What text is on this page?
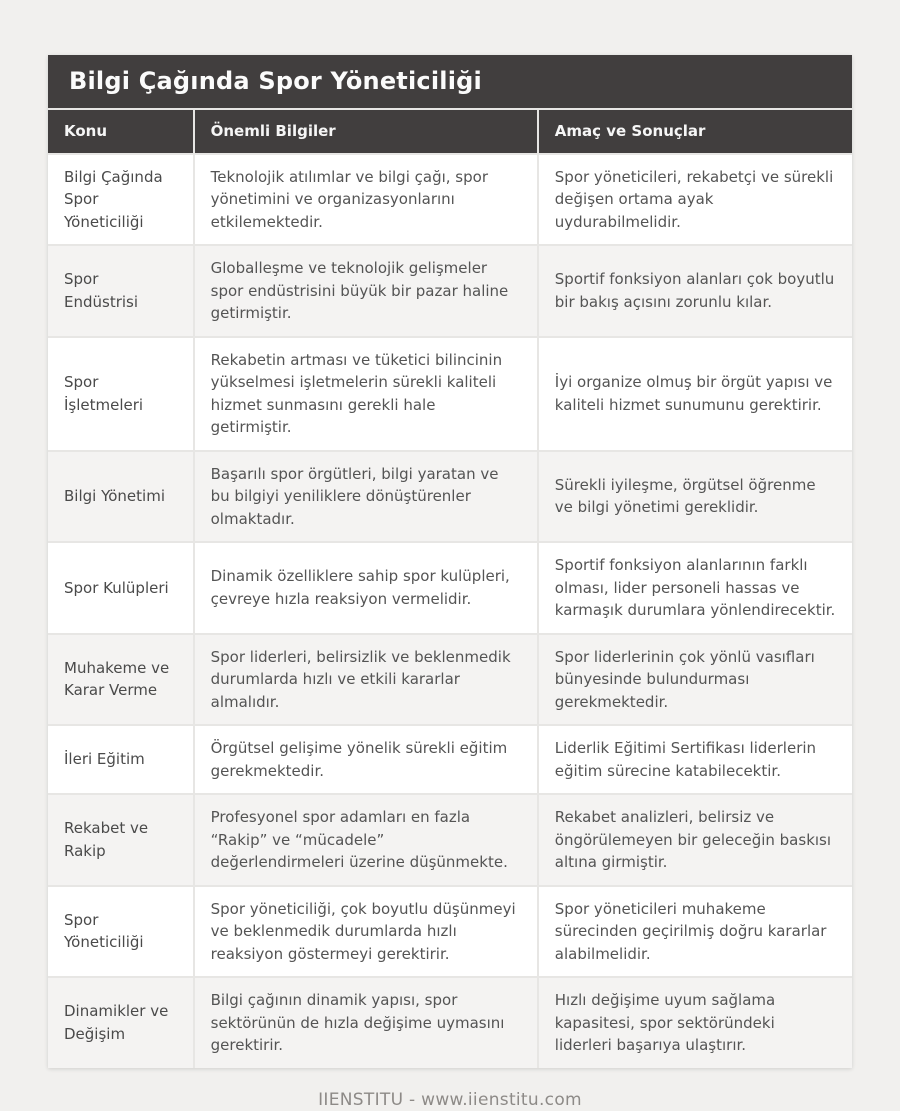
Bilgi Çağında Spor Yöneticiliği
Konu	Önemli Bilgiler	Amaç ve Sonuçlar
Bilgi Çağında Spor Yöneticiliği
Teknolojik atılımlar ve bilgi çağı, spor yönetimini ve organizasyonlarını etkilemektedir.
Spor yöneticileri, rekabetçi ve sürekli değişen ortama ayak uydurabilmelidir.
Spor Endüstrisi
Globalleşme ve teknolojik gelişmeler spor endüstrisini büyük bir pazar haline getirmiştir.
Sportif fonksiyon alanları çok boyutlu bir bakış açısını zorunlu kılar.
Spor İşletmeleri
Rekabetin artması ve tüketici bilincinin yükselmesi işletmelerin sürekli kaliteli hizmet sunmasını gerekli hale getirmiştir.
İyi organize olmuş bir örgüt yapısı ve kaliteli hizmet sunumunu gerektirir.
Bilgi Yönetimi
Başarılı spor örgütleri, bilgi yaratan ve bu bilgiyi yeniliklere dönüştürenler olmaktadır.
Sürekli iyileşme, örgütsel öğrenme ve bilgi yönetimi gereklidir.
Spor Kulüpleri
Dinamik özelliklere sahip spor kulüpleri, çevreye hızla reaksiyon vermelidir.
Sportif fonksiyon alanlarının farklı olması, lider personeli hassas ve karmaşık durumlara yönlendirecektir.
Muhakeme ve Karar Verme
Spor liderleri, belirsizlik ve beklenmedik durumlarda hızlı ve etkili kararlar almalıdır.
Spor liderlerinin çok yönlü vasıfları bünyesinde bulundurması gerekmektedir.
İleri Eğitim
Örgütsel gelişime yönelik sürekli eğitim gerekmektedir.
Liderlik Eğitimi Sertifikası liderlerin eğitim sürecine katabilecektir.
Rekabet ve Rakip
Profesyonel spor adamları en fazla “Rakip” ve “mücadele” değerlendirmeleri üzerine düşünmekte.
Rekabet analizleri, belirsiz ve öngörülemeyen bir geleceğin baskısı altına girmiştir.
Spor Yöneticiliği
Spor yöneticiliği, çok boyutlu düşünmeyi ve beklenmedik durumlarda hızlı reaksiyon göstermeyi gerektirir.
Spor yöneticileri muhakeme sürecinden geçirilmiş doğru kararlar alabilmelidir.
Dinamikler ve Değişim
Bilgi çağının dinamik yapısı, spor sektörünün de hızla değişime uymasını gerektirir.
Hızlı değişime uyum sağlama kapasitesi, spor sektöründeki liderleri başarıya ulaştırır.
IIENSTITU - www.iienstitu.com
